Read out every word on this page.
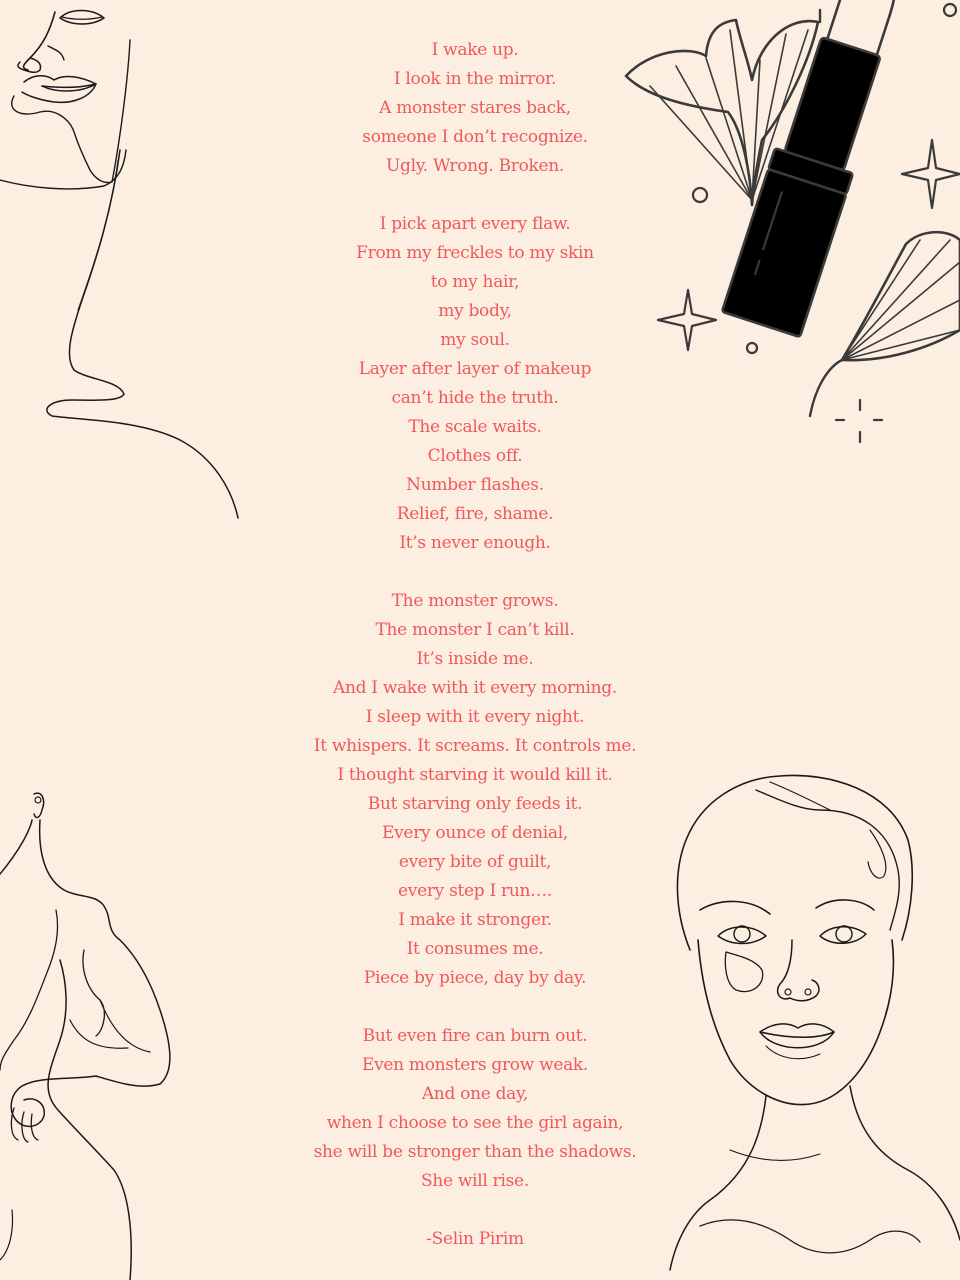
I wake up.
I look in the mirror.
A monster stares back,
someone I don’t recognize.
Ugly. Wrong. Broken.
I pick apart every flaw.
From my freckles to my skin
to my hair,
my body,
my soul.
Layer after layer of makeup
can’t hide the truth.
The scale waits.
Clothes off.
Number flashes.
Relief, fire, shame.
It’s never enough.
The monster grows.
The monster I can’t kill.
It’s inside me.
And I wake with it every morning.
I sleep with it every night.
It whispers. It screams. It controls me.
I thought starving it would kill it.
But starving only feeds it.
Every ounce of denial,
every bite of guilt,
every step I run….
I make it stronger.
It consumes me.
Piece by piece, day by day.
But even fire can burn out.
Even monsters grow weak.
And one day,
when I choose to see the girl again,
she will be stronger than the shadows.
She will rise.
-Selin Pirim
